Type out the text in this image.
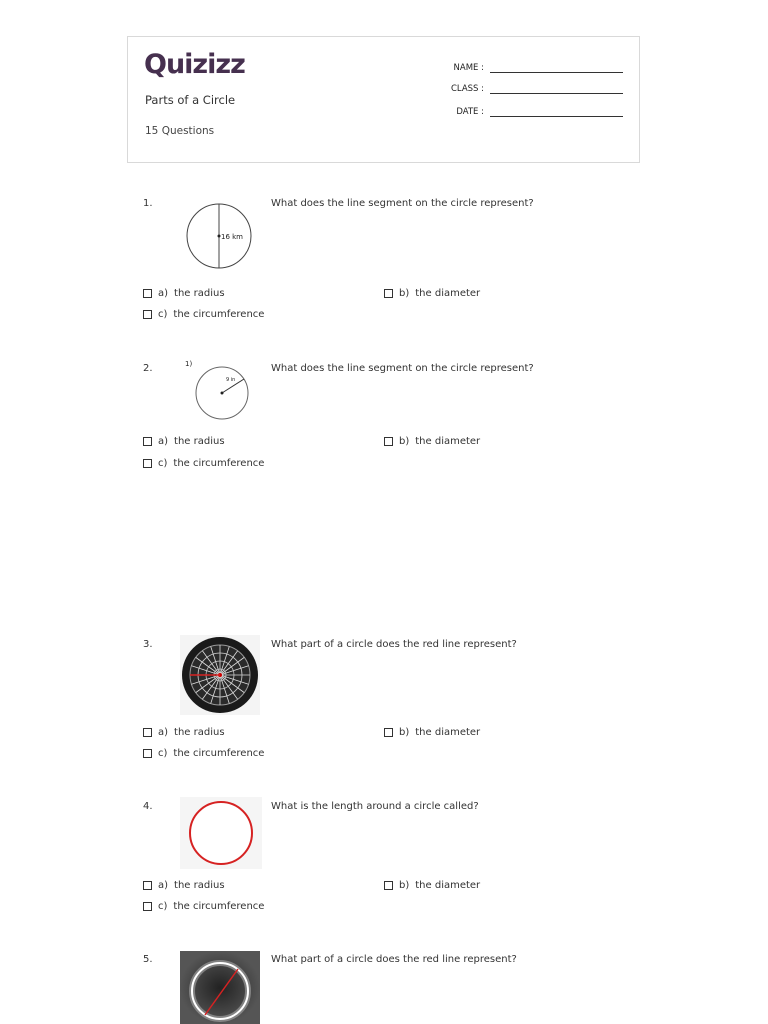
Quizizz
Parts of a Circle
15 Questions
NAME :
CLASS :
DATE :
1.	What does the line segment on the circle represent?
16 km
a) the radius	b) the diameter
c) the circumference
2.	What does the line segment on the circle represent?
1)
9 in
a) the radius	b) the diameter
c) the circumference
3.	What part of a circle does the red line represent?
a) the radius	b) the diameter
c) the circumference
4.	What is the length around a circle called?
a) the radius	b) the diameter
c) the circumference
5.	What part of a circle does the red line represent?
